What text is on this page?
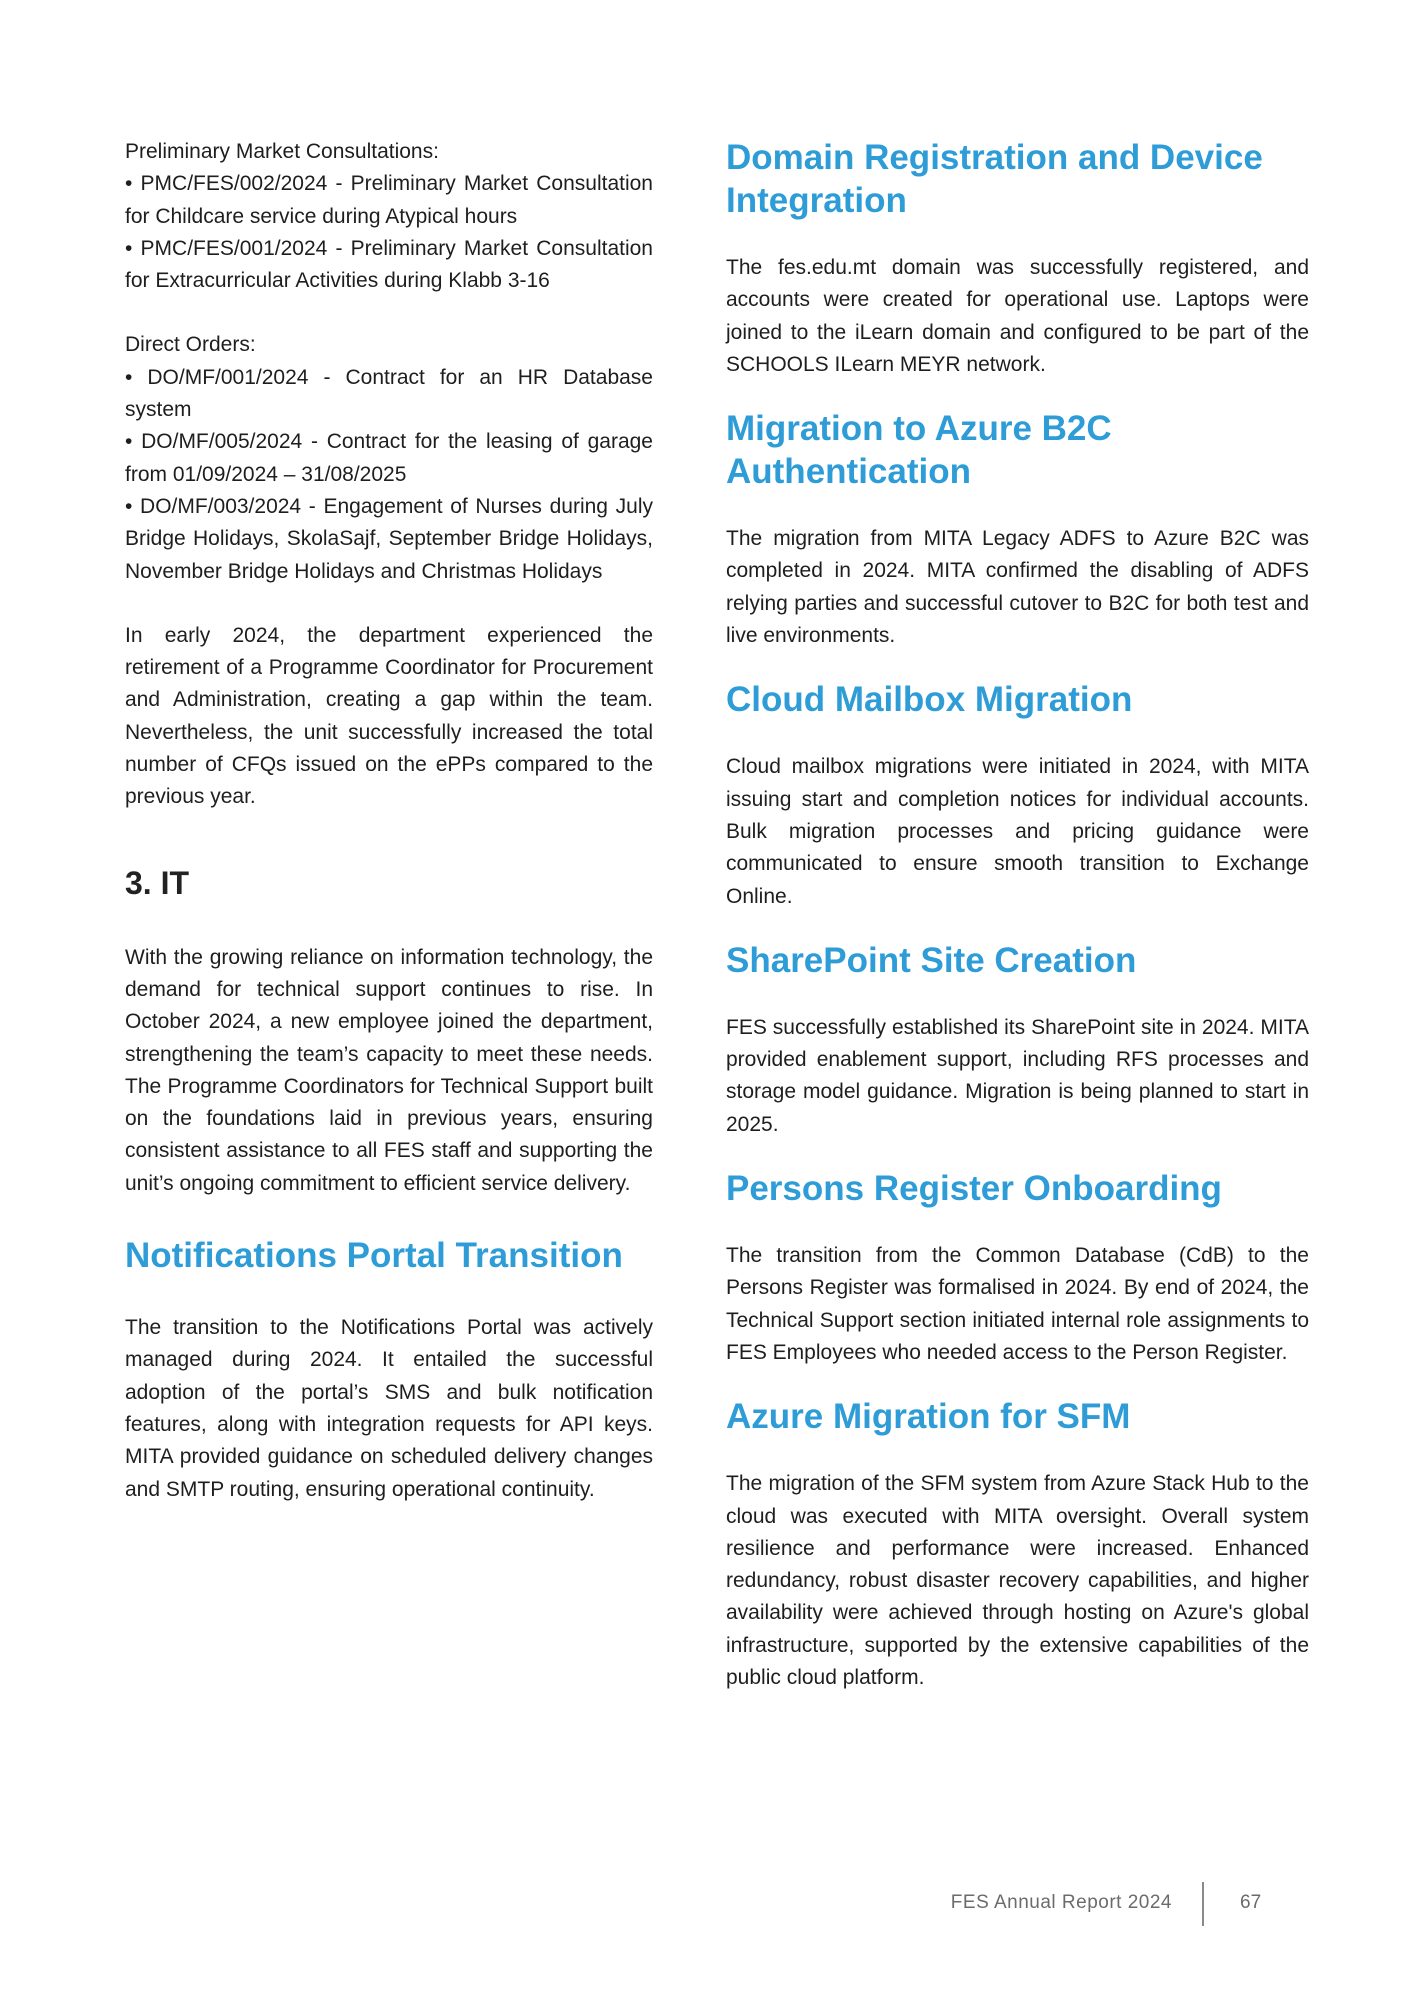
Preliminary Market Consultations:

• PMC/FES/002/2024 - Preliminary Market Consultation for Childcare service during Atypical hours

• PMC/FES/001/2024 - Preliminary Market Consultation for Extracurricular Activities during Klabb 3-16

Direct Orders:

• DO/MF/001/2024 - Contract for an HR Database system

• DO/MF/005/2024 - Contract for the leasing of garage from 01/09/2024 – 31/08/2025

• DO/MF/003/2024 - Engagement of Nurses during July Bridge Holidays, SkolaSajf, September Bridge Holidays, November Bridge Holidays and Christmas Holidays

In early 2024, the department experienced the retirement of a Programme Coordinator for Procurement and Administration, creating a gap within the team. Nevertheless, the unit successfully increased the total number of CFQs issued on the ePPs compared to the previous year.

3. IT

With the growing reliance on information technology, the demand for technical support continues to rise. In October 2024, a new employee joined the department, strengthening the team’s capacity to meet these needs. The Programme Coordinators for Technical Support built on the foundations laid in previous years, ensuring consistent assistance to all FES staff and supporting the unit’s ongoing commitment to efficient service delivery.

Notifications Portal Transition

The transition to the Notifications Portal was actively managed during 2024. It entailed the successful adoption of the portal’s SMS and bulk notification features, along with integration requests for API keys. MITA provided guidance on scheduled delivery changes and SMTP routing, ensuring operational continuity.

Domain Registration and Device Integration

The fes.edu.mt domain was successfully registered, and accounts were created for operational use. Laptops were joined to the iLearn domain and configured to be part of the SCHOOLS ILearn MEYR network.

Migration to Azure B2C Authentication

The migration from MITA Legacy ADFS to Azure B2C was completed in 2024. MITA confirmed the disabling of ADFS relying parties and successful cutover to B2C for both test and live environments.

Cloud Mailbox Migration

Cloud mailbox migrations were initiated in 2024, with MITA issuing start and completion notices for individual accounts. Bulk migration processes and pricing guidance were communicated to ensure smooth transition to Exchange Online.

SharePoint Site Creation

FES successfully established its SharePoint site in 2024. MITA provided enablement support, including RFS processes and storage model guidance. Migration is being planned to start in 2025.

Persons Register Onboarding

The transition from the Common Database (CdB) to the Persons Register was formalised in 2024. By end of 2024, the Technical Support section initiated internal role assignments to FES Employees who needed access to the Person Register.

Azure Migration for SFM

The migration of the SFM system from Azure Stack Hub to the cloud was executed with MITA oversight. Overall system resilience and performance were increased. Enhanced redundancy, robust disaster recovery capabilities, and higher availability were achieved through hosting on Azure's global infrastructure, supported by the extensive capabilities of the public cloud platform.

FES Annual Report 2024	67
